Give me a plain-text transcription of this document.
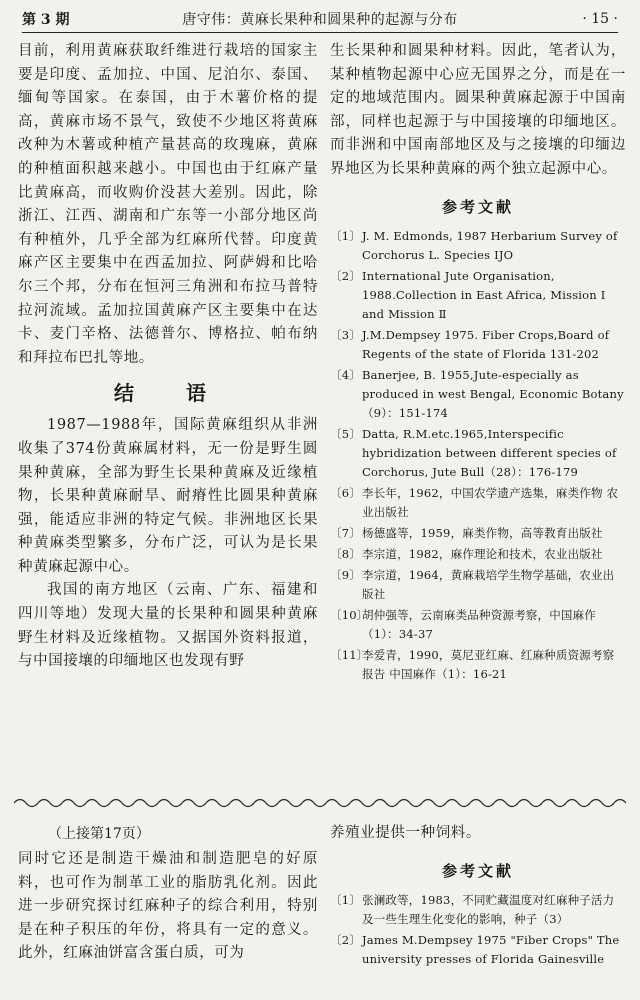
第 3 期	唐守伟：黄麻长果种和圆果种的起源与分布	· 15 ·

目前，利用黄麻获取纤维进行栽培的国家主要是印度、孟加拉、中国、尼泊尔、泰国、缅甸等国家。在泰国，由于木薯价格的提高，黄麻市场不景气，致使不少地区将黄麻改种为木薯或种植产量甚高的玫瑰麻，黄麻的种植面积越来越小。中国也由于红麻产量比黄麻高，而收购价没甚大差别。因此，除浙江、江西、湖南和广东等一小部分地区尚有种植外，几乎全部为红麻所代替。印度黄麻产区主要集中在西孟加拉、阿萨姆和比哈尔三个邦，分布在恒河三角洲和布拉马普特拉河流域。孟加拉国黄麻产区主要集中在达卡、麦门辛格、法德普尔、博格拉、帕布纳和拜拉布巴扎等地。

结　语

1987—1988年，国际黄麻组织从非洲收集了374份黄麻属材料，无一份是野生圆果种黄麻，全部为野生长果种黄麻及近缘植物，长果种黄麻耐旱、耐瘠性比圆果种黄麻强，能适应非洲的特定气候。非洲地区长果种黄麻类型繁多，分布广泛，可认为是长果种黄麻起源中心。

我国的南方地区（云南、广东、福建和四川等地）发现大量的长果种和圆果种黄麻野生材料及近缘植物。又据国外资料报道，与中国接壤的印缅地区也发现有野

生长果种和圆果种材料。因此，笔者认为，某种植物起源中心应无国界之分，而是在一定的地域范围内。圆果种黄麻起源于中国南部，同样也起源于与中国接壤的印缅地区。而非洲和中国南部地区及与之接壤的印缅边界地区为长果种黄麻的两个独立起源中心。

参考文献
〔1〕 J. M. Edmonds, 1987 Herbarium Survey of Corchorus L. Species IJO
〔2〕 International Jute Organisation, 1988.Collection in East Africa, Mission I and Mission Ⅱ
〔3〕 J.M.Dempsey 1975. Fiber Crops,Board of Regents of the state of Florida 131-202
〔4〕 Banerjee, B. 1955,Jute-especially as produced in west Bengal, Economic Botany （9）：151-174
〔5〕 Datta, R.M.etc.1965,Interspecific hybridization between different species of Corchorus, Jute Bull（28）：176-179
〔6〕 李长年，1962，中国农学遗产选集，麻类作物 农业出版社
〔7〕 杨德盛等，1959，麻类作物，高等教育出版社
〔8〕 李宗道，1982，麻作理论和技术，农业出版社
〔9〕 李宗道，1964，黄麻栽培学生物学基础，农业出版社
〔10〕
胡仲强等，云南麻类品种资源考察，中国麻作（1）：34-37
〔11〕
李爱青，1990，莫尼亚红麻、红麻种质资源考察报告 中国麻作（1）：16-21
（上接第17页）

同时它还是制造干燥油和制造肥皂的好原料，也可作为制革工业的脂肪乳化剂。因此进一步研究探讨红麻种子的综合利用，特别是在种子积压的年份，将具有一定的意义。此外，红麻油饼富含蛋白质，可为

养殖业提供一种饲料。

参考文献
〔1〕 张澜政等，1983，不同贮藏温度对红麻种子活力及一些生理生化变化的影响，种子（3）
〔2〕 James M.Dempsey 1975 "Fiber Crops" The university presses of Florida Gainesville
